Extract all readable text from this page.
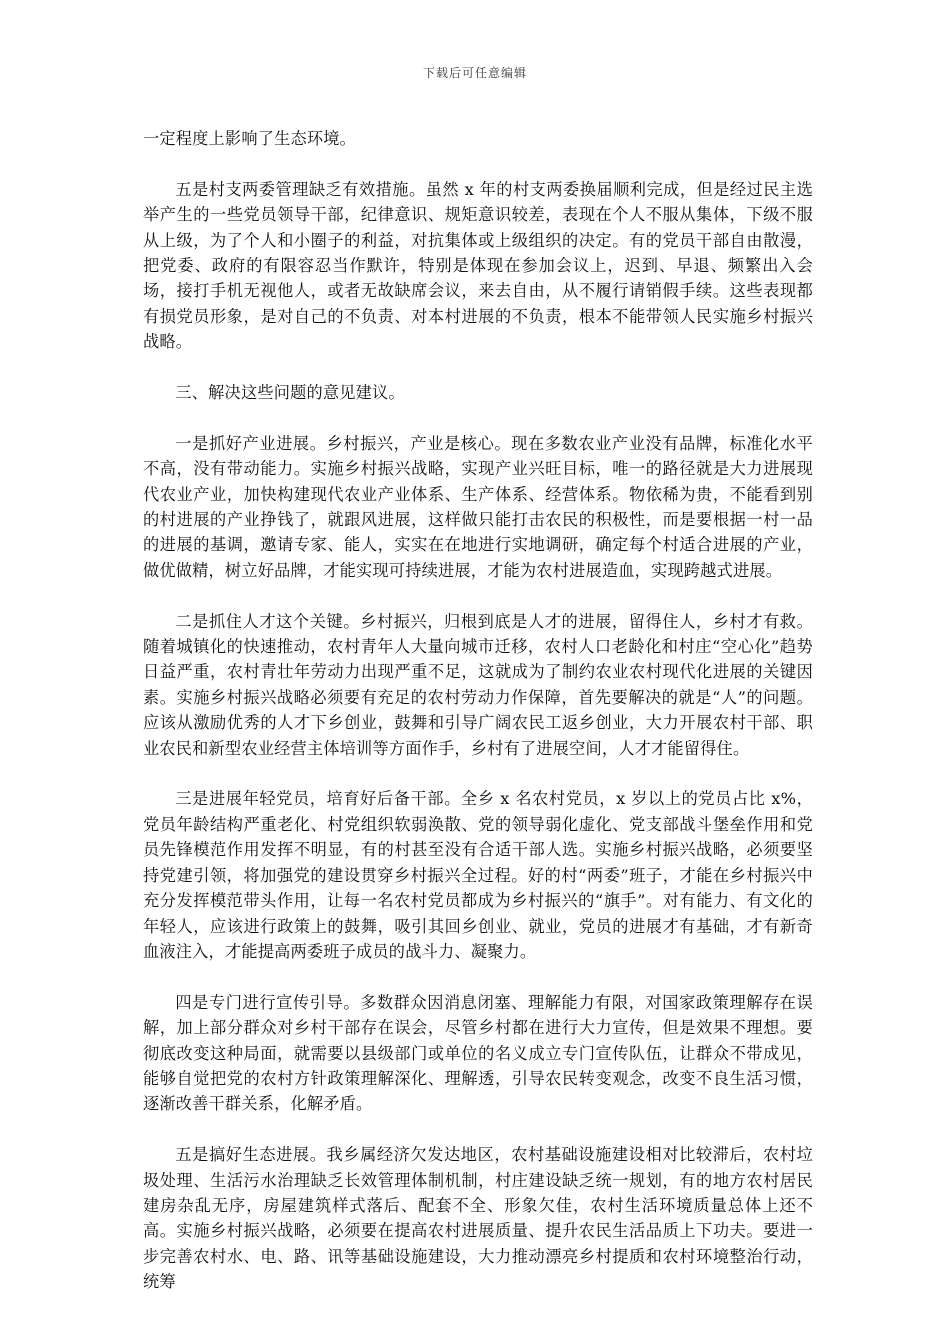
下载后可任意编辑

一定程度上影响了生态环境。

五是村支两委管理缺乏有效措施。虽然 x 年的村支两委换届顺利完成，但是经过民主选举产生的一些党员领导干部，纪律意识、规矩意识较差，表现在个人不服从集体，下级不服从上级，为了个人和小圈子的利益，对抗集体或上级组织的决定。有的党员干部自由散漫，把党委、政府的有限容忍当作默许，特别是体现在参加会议上，迟到、早退、频繁出入会场，接打手机无视他人，或者无故缺席会议，来去自由，从不履行请销假手续。这些表现都有损党员形象，是对自己的不负责、对本村进展的不负责，根本不能带领人民实施乡村振兴战略。

三、解决这些问题的意见建议。

一是抓好产业进展。乡村振兴，产业是核心。现在多数农业产业没有品牌，标准化水平不高，没有带动能力。实施乡村振兴战略，实现产业兴旺目标，唯一的路径就是大力进展现代农业产业，加快构建现代农业产业体系、生产体系、经营体系。物依稀为贵，不能看到别的村进展的产业挣钱了，就跟风进展，这样做只能打击农民的积极性，而是要根据一村一品的进展的基调，邀请专家、能人，实实在在地进行实地调研，确定每个村适合进展的产业，做优做精，树立好品牌，才能实现可持续进展，才能为农村进展造血，实现跨越式进展。

二是抓住人才这个关键。乡村振兴，归根到底是人才的进展，留得住人，乡村才有救。随着城镇化的快速推动，农村青年人大量向城市迁移，农村人口老龄化和村庄“空心化”趋势日益严重，农村青壮年劳动力出现严重不足，这就成为了制约农业农村现代化进展的关键因素。实施乡村振兴战略必须要有充足的农村劳动力作保障，首先要解决的就是“人”的问题。应该从激励优秀的人才下乡创业，鼓舞和引导广阔农民工返乡创业，大力开展农村干部、职业农民和新型农业经营主体培训等方面作手，乡村有了进展空间，人才才能留得住。

三是进展年轻党员，培育好后备干部。全乡 x 名农村党员，x 岁以上的党员占比 x%，党员年龄结构严重老化、村党组织软弱涣散、党的领导弱化虚化、党支部战斗堡垒作用和党员先锋模范作用发挥不明显，有的村甚至没有合适干部人选。实施乡村振兴战略，必须要坚持党建引领，将加强党的建设贯穿乡村振兴全过程。好的村“两委”班子，才能在乡村振兴中充分发挥模范带头作用，让每一名农村党员都成为乡村振兴的“旗手”。对有能力、有文化的年轻人，应该进行政策上的鼓舞，吸引其回乡创业、就业，党员的进展才有基础，才有新奇血液注入，才能提高两委班子成员的战斗力、凝聚力。

四是专门进行宣传引导。多数群众因消息闭塞、理解能力有限，对国家政策理解存在误解，加上部分群众对乡村干部存在误会，尽管乡村都在进行大力宣传，但是效果不理想。要彻底改变这种局面，就需要以县级部门或单位的名义成立专门宣传队伍，让群众不带成见，能够自觉把党的农村方针政策理解深化、理解透，引导农民转变观念，改变不良生活习惯，逐渐改善干群关系，化解矛盾。

五是搞好生态进展。我乡属经济欠发达地区，农村基础设施建设相对比较滞后，农村垃圾处理、生活污水治理缺乏长效管理体制机制，村庄建设缺乏统一规划，有的地方农村居民建房杂乱无序，房屋建筑样式落后、配套不全、形象欠佳，农村生活环境质量总体上还不高。实施乡村振兴战略，必须要在提高农村进展质量、提升农民生活品质上下功夫。要进一步完善农村水、电、路、讯等基础设施建设，大力推动漂亮乡村提质和农村环境整治行动，统筹
